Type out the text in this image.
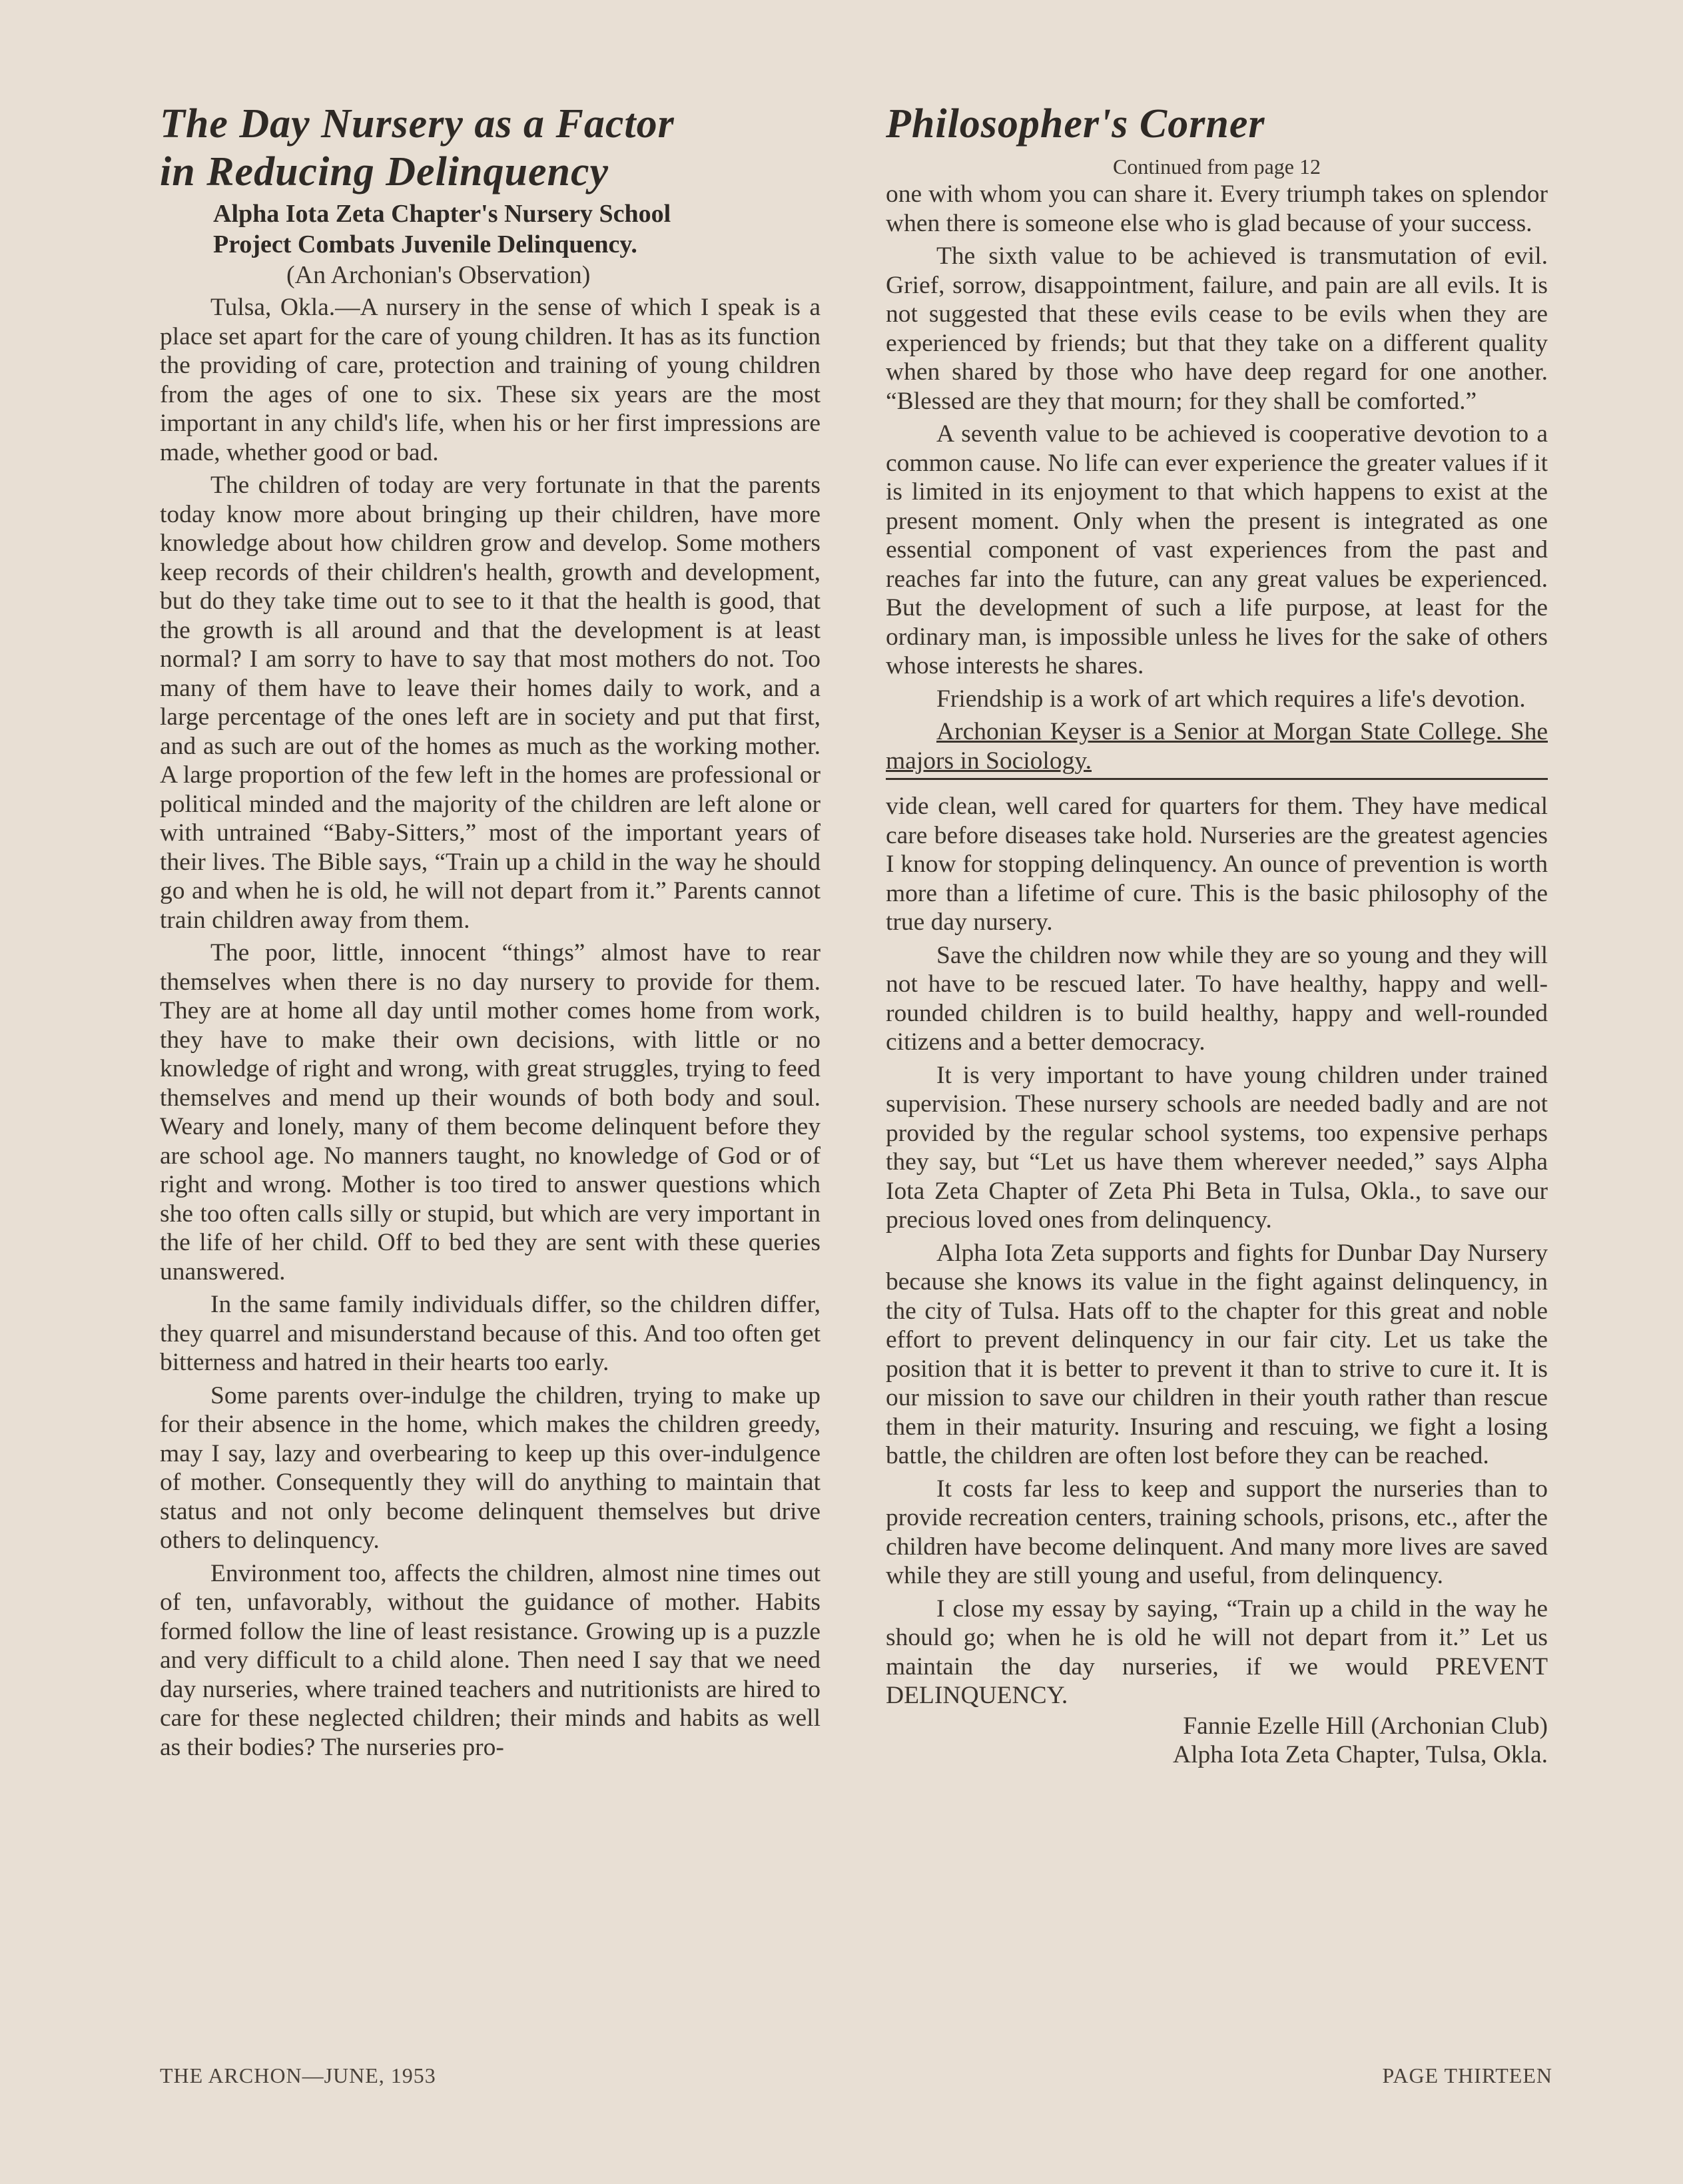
The Day Nursery as a Factor
in Reducing Delinquency
Alpha Iota Zeta Chapter's Nursery School
Project Combats Juvenile Delinquency.
(An Archonian's Observation)

Tulsa, Okla.—A nursery in the sense of which I speak is a place set apart for the care of young children. It has as its function the providing of care, protection and training of young children from the ages of one to six. These six years are the most important in any child's life, when his or her first impressions are made, whether good or bad.

The children of today are very fortunate in that the parents today know more about bringing up their children, have more knowledge about how children grow and develop. Some mothers keep records of their children's health, growth and development, but do they take time out to see to it that the health is good, that the growth is all around and that the development is at least normal? I am sorry to have to say that most mothers do not. Too many of them have to leave their homes daily to work, and a large percentage of the ones left are in society and put that first, and as such are out of the homes as much as the working mother. A large proportion of the few left in the homes are professional or political minded and the majority of the children are left alone or with untrained “Baby-Sitters,” most of the important years of their lives. The Bible says, “Train up a child in the way he should go and when he is old, he will not depart from it.” Parents cannot train children away from them.

The poor, little, innocent “things” almost have to rear themselves when there is no day nursery to provide for them. They are at home all day until mother comes home from work, they have to make their own decisions, with little or no knowledge of right and wrong, with great struggles, trying to feed themselves and mend up their wounds of both body and soul. Weary and lonely, many of them become delinquent before they are school age. No manners taught, no knowledge of God or of right and wrong. Mother is too tired to answer questions which she too often calls silly or stupid, but which are very important in the life of her child. Off to bed they are sent with these queries unanswered.

In the same family individuals differ, so the children differ, they quarrel and misunderstand because of this. And too often get bitterness and hatred in their hearts too early.

Some parents over-indulge the children, trying to make up for their absence in the home, which makes the children greedy, may I say, lazy and overbearing to keep up this over-indulgence of mother. Consequently they will do anything to maintain that status and not only become delinquent themselves but drive others to delinquency.

Environment too, affects the children, almost nine times out of ten, unfavorably, without the guidance of mother. Habits formed follow the line of least resistance. Growing up is a puzzle and very difficult to a child alone. Then need I say that we need day nurseries, where trained teachers and nutritionists are hired to care for these neglected children; their minds and habits as well as their bodies? The nurseries pro-

Philosopher's Corner
Continued from page 12

one with whom you can share it. Every triumph takes on splendor when there is someone else who is glad because of your success.

The sixth value to be achieved is transmutation of evil. Grief, sorrow, disappointment, failure, and pain are all evils. It is not suggested that these evils cease to be evils when they are experienced by friends; but that they take on a different quality when shared by those who have deep regard for one another. “Blessed are they that mourn; for they shall be comforted.”

A seventh value to be achieved is cooperative devotion to a common cause. No life can ever experience the greater values if it is limited in its enjoyment to that which happens to exist at the present moment. Only when the present is integrated as one essential component of vast experiences from the past and reaches far into the future, can any great values be experienced. But the development of such a life purpose, at least for the ordinary man, is impossible unless he lives for the sake of others whose interests he shares.

Friendship is a work of art which requires a life's devotion.

Archonian Keyser is a Senior at Morgan State College. She majors in Sociology.

vide clean, well cared for quarters for them. They have medical care before diseases take hold. Nurseries are the greatest agencies I know for stopping delinquency. An ounce of prevention is worth more than a lifetime of cure. This is the basic philosophy of the true day nursery.

Save the children now while they are so young and they will not have to be rescued later. To have healthy, happy and well-rounded children is to build healthy, happy and well-rounded citizens and a better democracy.

It is very important to have young children under trained supervision. These nursery schools are needed badly and are not provided by the regular school systems, too expensive perhaps they say, but “Let us have them wherever needed,” says Alpha Iota Zeta Chapter of Zeta Phi Beta in Tulsa, Okla., to save our precious loved ones from delinquency.

Alpha Iota Zeta supports and fights for Dunbar Day Nursery because she knows its value in the fight against delinquency, in the city of Tulsa. Hats off to the chapter for this great and noble effort to prevent delinquency in our fair city. Let us take the position that it is better to prevent it than to strive to cure it. It is our mission to save our children in their youth rather than rescue them in their maturity. Insuring and rescuing, we fight a losing battle, the children are often lost before they can be reached.

It costs far less to keep and support the nurseries than to provide recreation centers, training schools, prisons, etc., after the children have become delinquent. And many more lives are saved while they are still young and useful, from delinquency.

I close my essay by saying, “Train up a child in the way he should go; when he is old he will not depart from it.” Let us maintain the day nurseries, if we would PREVENT DELINQUENCY.

Fannie Ezelle Hill (Archonian Club)
Alpha Iota Zeta Chapter, Tulsa, Okla.
THE ARCHON—JUNE, 1953	PAGE THIRTEEN
